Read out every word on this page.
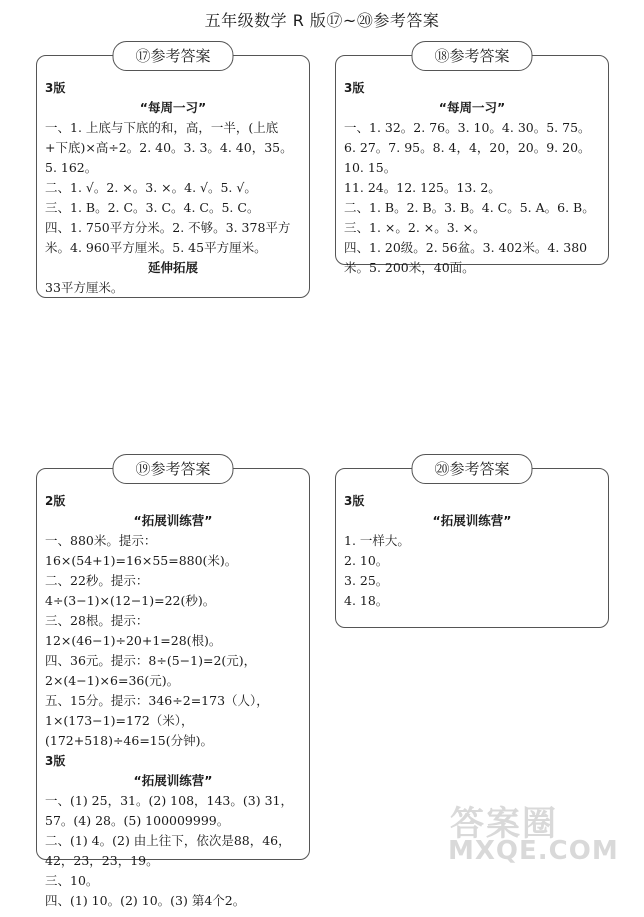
五年级数学 R 版⑰~⑳参考答案
⑰参考答案
3版
“每周一习”
一、1. 上底与下底的和，高，一半，(上底+下底)×高÷2。2. 40。3. 3。4. 40，35。
5. 162。
二、1. √。2. ×。3. ×。4. √。5. √。
三、1. B。2. C。3. C。4. C。5. C。
四、1. 750平方分米。2. 不够。3. 378平方米。4. 960平方厘米。5. 45平方厘米。
延伸拓展
33平方厘米。
⑱参考答案
3版
“每周一习”
一、1. 32。2. 76。3. 10。4. 30。5. 75。
6. 27。7. 95。8. 4，4，20，20。9. 20。10. 15。
11. 24。12. 125。13. 2。
二、1. B。2. B。3. B。4. C。5. A。6. B。
三、1. ×。2. ×。3. ×。
四、1. 20级。2. 56盆。3. 402米。4. 380米。5. 200米，40面。
⑲参考答案
2版
“拓展训练营”
一、880米。提示：16×(54+1)=16×55=880(米)。
二、22秒。提示：4÷(3−1)×(12−1)=22(秒)。
三、28根。提示：12×(46−1)÷20+1=28(根)。
四、36元。提示：8÷(5−1)=2(元)，2×(4−1)×6=36(元)。
五、15分。提示：346÷2=173（人），1×(173−1)=172（米），(172+518)÷46=15(分钟)。
3版
“拓展训练营”
一、(1) 25，31。(2) 108，143。(3) 31，57。(4) 28。(5) 100009999。
二、(1) 4。(2) 由上往下，依次是88，46，42，23，23，19。
三、10。
四、(1) 10。(2) 10。(3) 第4个2。
⑳参考答案
3版
“拓展训练营”
1. 一样大。
2. 10。
3. 25。
4. 18。
答案圈
MXQE.COM
